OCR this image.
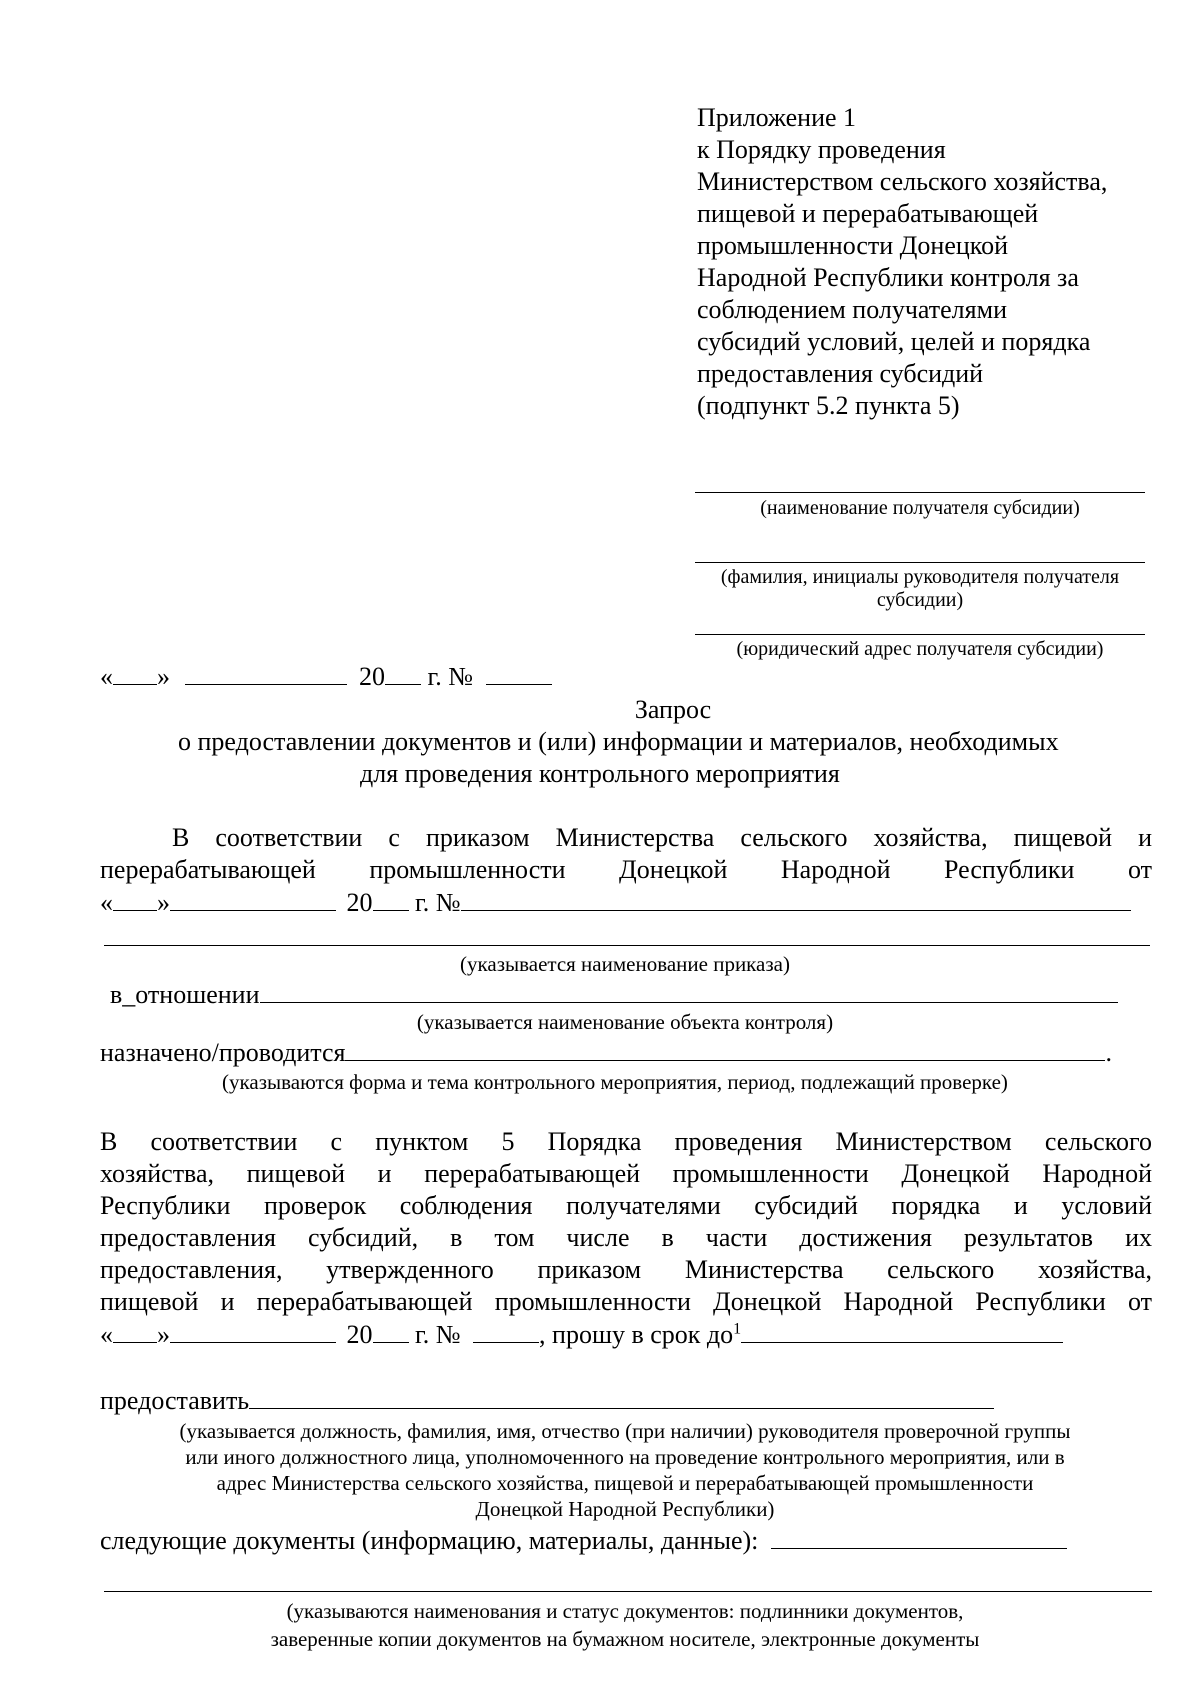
Приложение 1
к Порядку проведения
Министерством сельского хозяйства,
пищевой и перерабатывающей
промышленности Донецкой
Народной Республики контроля за
соблюдением получателями
субсидий условий, целей и порядка
предоставления субсидий
(подпункт 5.2 пункта 5)
(наименование получателя субсидии)
(фамилия, инициалы руководителя получателя
субсидии)
(юридический адрес получателя субсидии)
« »	20 г. №
Запрос
о предоставлении документов и (или) информации и материалов, необходимых
для проведения контрольного мероприятия
В соответствии с приказом Министерства сельского хозяйства, пищевой и
перерабатывающей промышленности Донецкой Народной Республики от
« »	20 г. №
(указывается наименование приказа)
в_отношении
(указывается наименование объекта контроля)
назначено/проводится	.
(указываются форма и тема контрольного мероприятия, период, подлежащий проверке)
В соответствии с пунктом 5 Порядка проведения Министерством сельского
хозяйства, пищевой и перерабатывающей промышленности Донецкой Народной
Республики проверок соблюдения получателями субсидий порядка и условий
предоставления субсидий, в том числе в части достижения результатов их
предоставления, утвержденного приказом Министерства сельского хозяйства,
пищевой и перерабатывающей промышленности Донецкой Народной Республики от
« »	20 г. №	, прошу в срок $до^1$
предоставить
(указывается должность, фамилия, имя, отчество (при наличии) руководителя проверочной группы
или иного должностного лица, уполномоченного на проведение контрольного мероприятия, или в
адрес Министерства сельского хозяйства, пищевой и перерабатывающей промышленности
Донецкой Народной Республики)
следующие документы (информацию, материалы, данные):
(указываются наименования и статус документов: подлинники документов,
заверенные копии документов на бумажном носителе, электронные документы
